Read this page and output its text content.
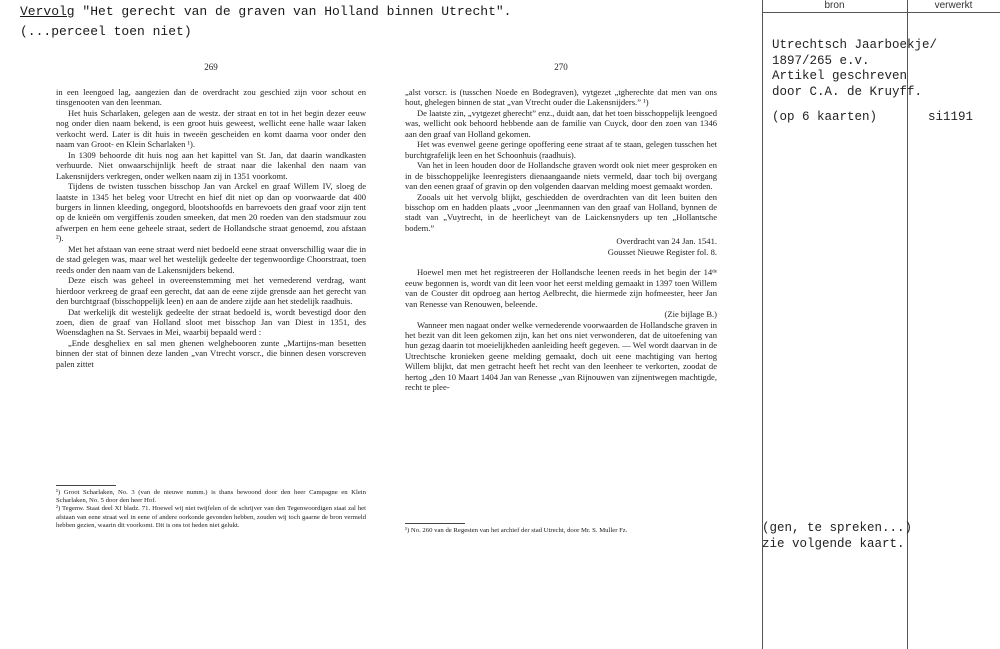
Vervolg "Het gerecht van de graven van Holland binnen Utrecht".
(...perceel toen niet)
bron	verwerkt
Utrechtsch Jaarboekje/
1897/265 e.v.
Artikel geschreven
door C.A. de Kruyff.
(op 6 kaarten)	si1191
(gen, te spreken...)
zie volgende kaart.
269

in een leengoed lag, aangezien dan de overdracht zou geschied zijn voor schout en tinsgenooten van den leenman.

Het huis Scharlaken, gelegen aan de westz. der straat en tot in het begin dezer eeuw nog onder dien naam bekend, is een groot huis geweest, wellicht eene halle waar laken verkocht werd. Later is dit huis in tweeën gescheiden en komt daarna voor onder den naam van Groot- en Klein Scharlaken ¹).

In 1309 behoorde dit huis nog aan het kapittel van St. Jan, dat daarin wandkasten verhuurde. Niet onwaarschijnlijk heeft de straat naar die lakenhal den naam van Lakensnijders verkregen, onder welken naam zij in 1351 voorkomt.

Tijdens de twisten tusschen bisschop Jan van Arckel en graaf Willem IV, sloeg de laatste in 1345 het beleg voor Utrecht en hief dit niet op dan op voorwaarde dat 400 burgers in linnen kleeding, ongegord, blootshoofds en barrevoets den graaf voor zijn tent op de knieën om vergiffenis zouden smeeken, dat men 20 roeden van den stadsmuur zou afwerpen en hem eene geheele straat, sedert de Hollandsche straat genoemd, zou afstaan ²).

Met het afstaan van eene straat werd niet bedoeld eene straat onverschillig waar die in de stad gelegen was, maar wel het westelijk gedeelte der tegenwoordige Choorstraat, toen reeds onder den naam van de Lakensnijders bekend.

Deze eisch was geheel in overeenstemming met het vernederend verdrag, want hierdoor verkreeg de graaf een gerecht, dat aan de eene zijde grensde aan het gerecht van den burchtgraaf (bisschoppelijk leen) en aan de andere zijde aan het stedelijk raadhuis.

Dat werkelijk dit westelijk gedeelte der straat bedoeld is, wordt bevestigd door den zoen, dien de graaf van Holland sloot met bisschop Jan van Diest in 1351, des Woensdaghen na St. Servaes in Mei, waarbij bepaald werd :

„Ende desgheliex en sal men ghenen welghebooren zunte „Martijns-man besetten binnen der stat of binnen deze landen „van Vtrecht vorscr., die binnen desen vorscreven palen zittet

¹) Groot Scharlaken, No. 3 (van de nieuwe numm.) is thans bewoond door den heer Campagne en Klein Scharlaken, No. 5 door den heer Hof.

²) Tegenw. Staat deel XI bladz. 71. Hoewel wij niet twijfelen of de schrijver van den Tegenwoordigen staat zal het afstaan van eene straat wel in eene of andere oorkonde gevonden hebben, zouden wij toch gaarne de bron vermeld hebben gezien, waarin dit voorkomt. Dit is ons tot heden niet gelukt.

270

„alst vorscr. is (tusschen Noede en Bodegraven), vytgezet „tgherechte dat men van ons hout, ghelegen binnen de stat „van Vtrecht ouder die Lakensnijders.” ¹)

De laatste zin, „vytgezet gherecht” enz., duidt aan, dat het toen bisschoppelijk leengoed was, wellicht ook behoord hebbende aan de familie van Cuyck, door den zoen van 1346 aan den graaf van Holland gekomen.

Het was evenwel geene geringe opoffering eene straat af te staan, gelegen tusschen het burchtgrafelijk leen en het Schoonhuis (raadhuis).

Van het in leen houden door de Hollandsche graven wordt ook niet meer gesproken en in de bisschoppelijke leenregisters dienaangaande niets vermeld, daar toch bij overgang van den eenen graaf of gravin op den volgenden daarvan melding moest gemaakt worden.

Zooals uit het vervolg blijkt, geschiedden de overdrachten van dit leen buiten den bisschop om en hadden plaats „voor „leenmannen van den graaf van Holland, bynnen de stadt van „Vuytrecht, in de heerlicheyt van de Laickensnyders up ten „Hollantsche bodem.”

Overdracht van 24 Jan. 1541.

Gousset Nieuwe Register fol. 8.

Hoewel men met het registreeren der Hollandsche leenen reeds in het begin der 14ᵈᵉ eeuw begonnen is, wordt van dit leen voor het eerst melding gemaakt in 1397 toen Willem van de Couster dit opdroeg aan hertog Aelbrecht, die hiermede zijn hofmeester, heer Jan van Renesse van Renouwen, beleende.

(Zie bijlage B.)

Wanneer men nagaat onder welke vernederende voorwaarden de Hollandsche graven in het bezit van dit leen gekomen zijn, kan het ons niet verwonderen, dat de uitoefening van hun gezag daarin tot moeielijkheden aanleiding heeft gegeven. — Wel wordt daarvan in de Utrechtsche kronieken geene melding gemaakt, doch uit eene machtiging van hertog Willem blijkt, dat men getracht heeft het recht van den leenheer te verkorten, zoodat de hertog „den 10 Maart 1404 Jan van Renesse „van Rijnouwen van zijnentwegen machtigde, recht te plee-

¹) No. 260 van de Regesten van het archief der stad Utrecht, door Mr. S. Muller Fz.
